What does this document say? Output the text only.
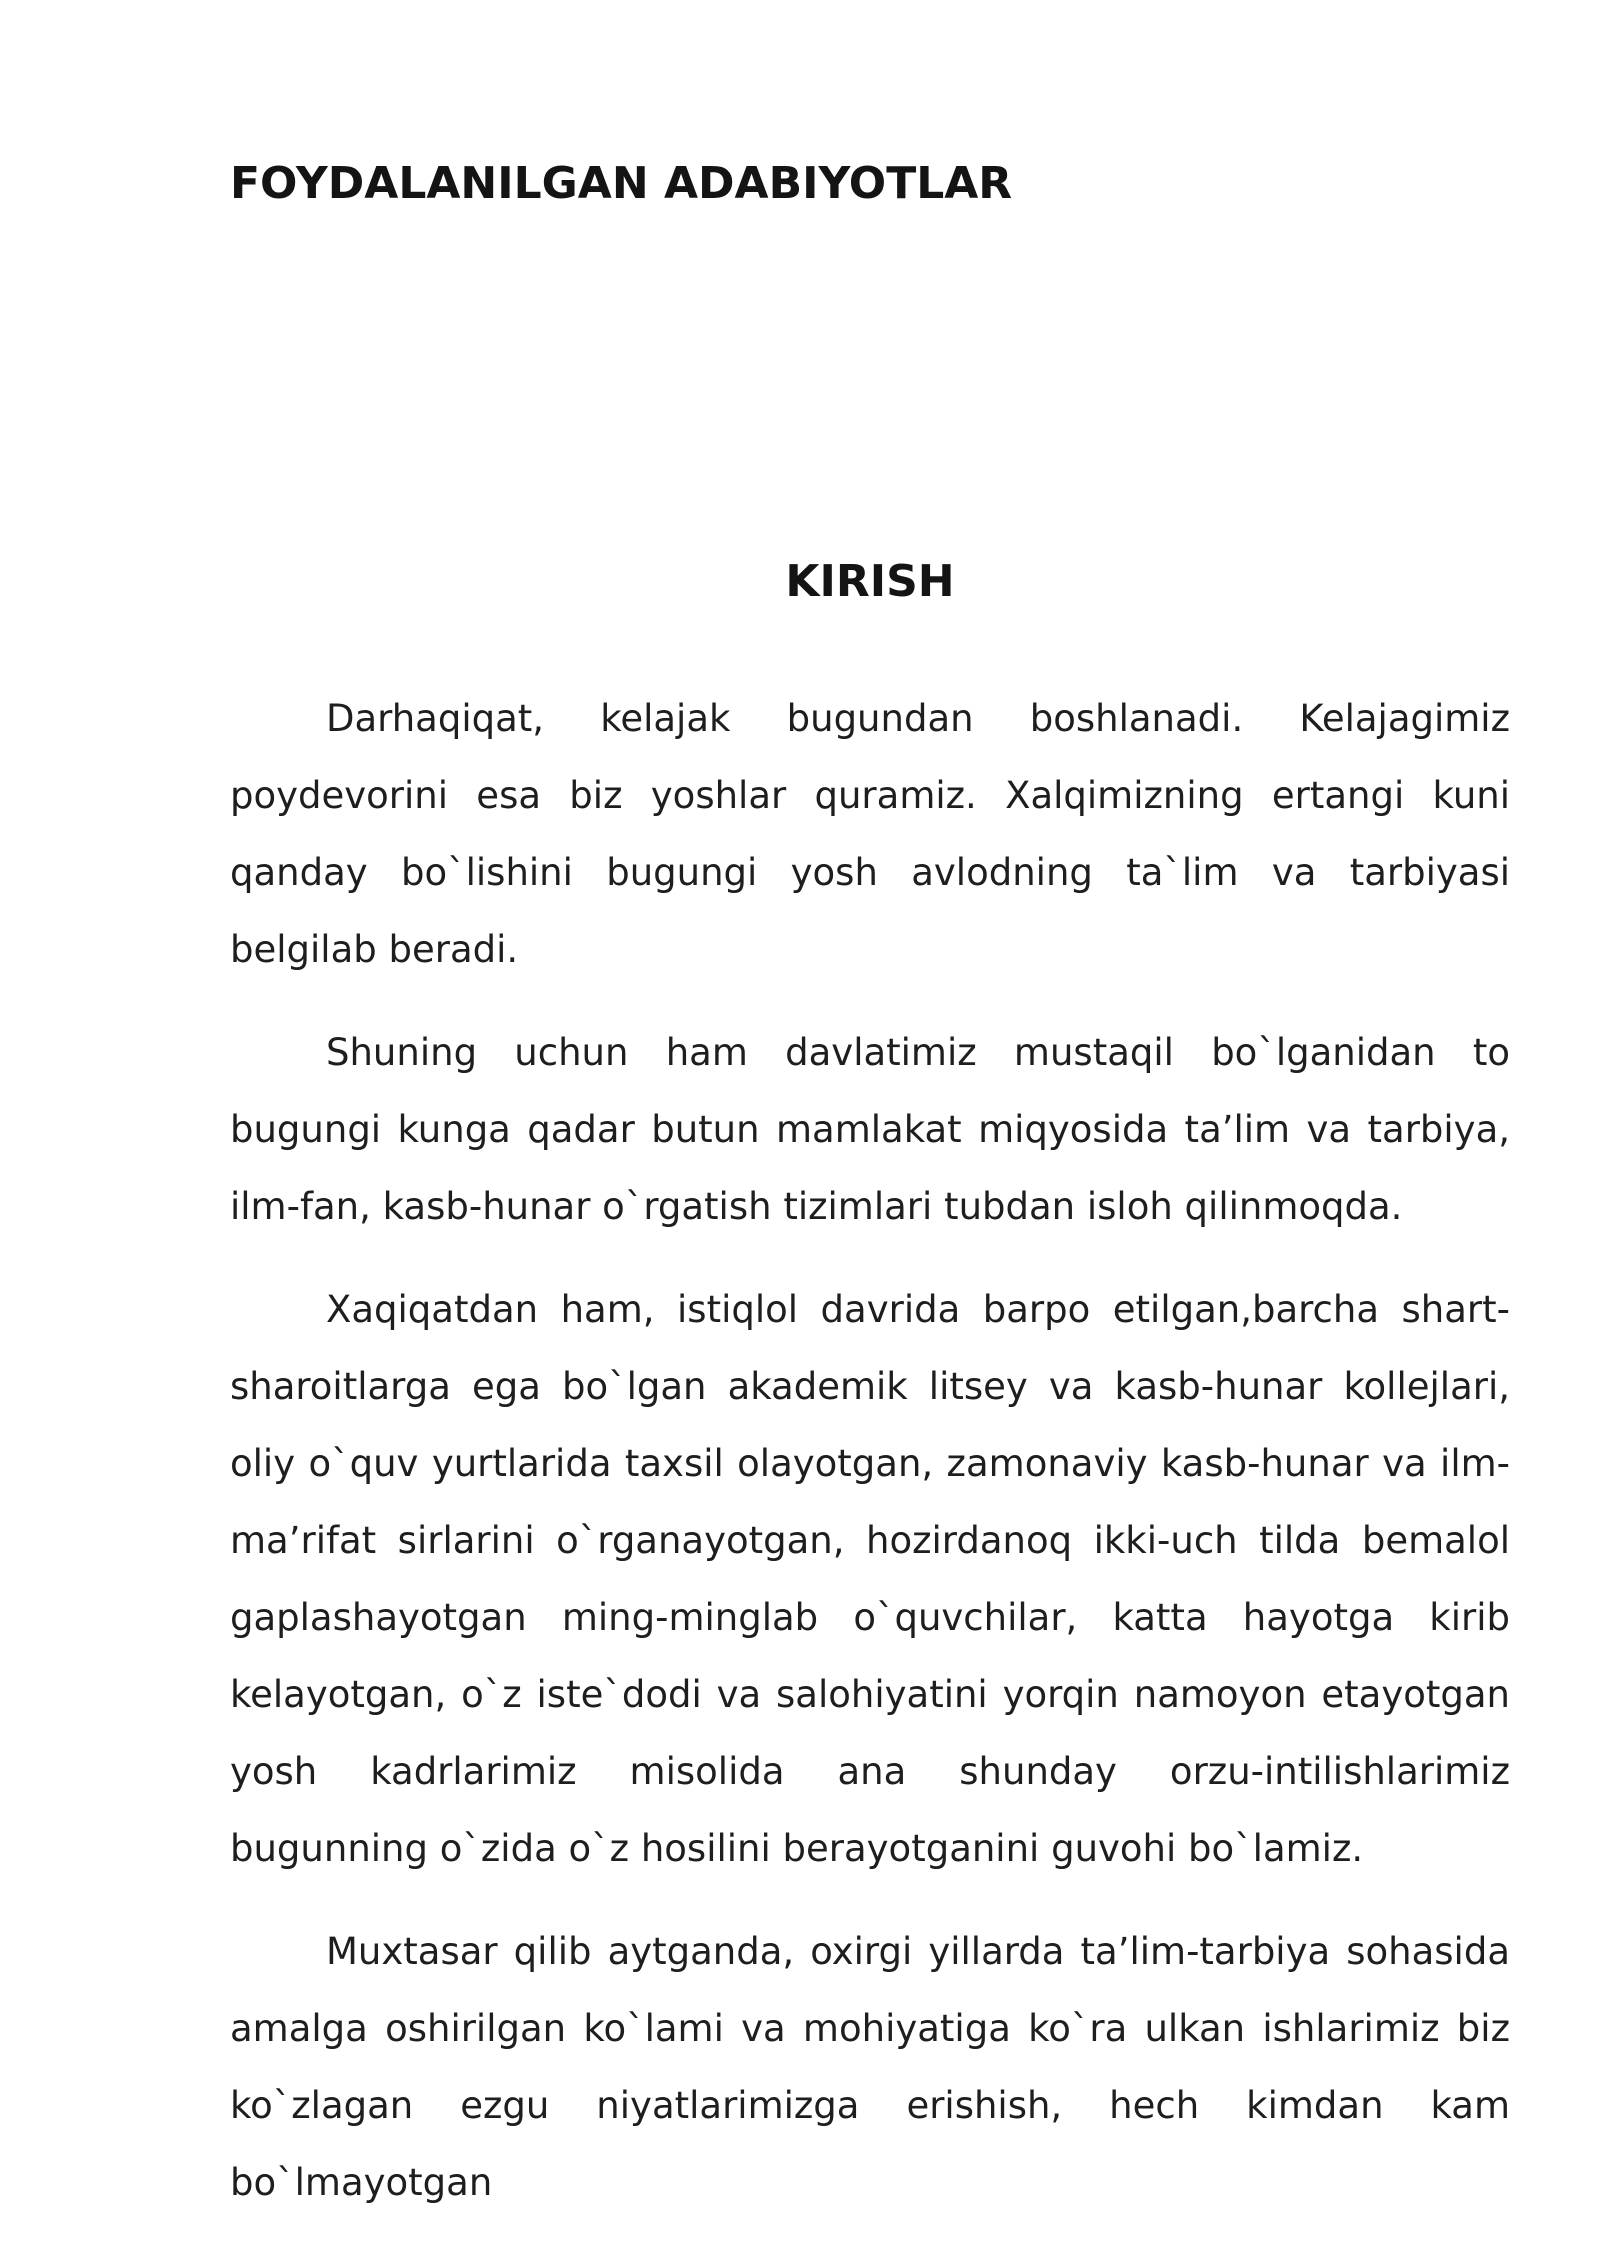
FOYDALANILGAN ADABIYOTLAR
KIRISH

Darhaqiqat, kelajak bugundan boshlanadi. Kelajagimiz poydevorini esa biz yoshlar quramiz. Xalqimizning ertangi kuni qanday bo`lishini bugungi yosh avlodning ta`lim va tarbiyasi belgilab beradi.

Shuning uchun ham davlatimiz mustaqil bo`lganidan to bugungi kunga qadar butun mamlakat miqyosida ta’lim va tarbiya, ilm-fan, kasb-hunar o`rgatish tizimlari tubdan isloh qilinmoqda.

Xaqiqatdan ham, istiqlol davrida barpo etilgan,barcha shart-sharoitlarga ega bo`lgan akademik litsey va kasb-hunar kollejlari, oliy o`quv yurtlarida taxsil olayotgan, zamonaviy kasb-hunar va ilm-ma’rifat sirlarini o`rganayotgan, hozirdanoq ikki-uch tilda bemalol gaplashayotgan ming-minglab o`quvchilar, katta hayotga kirib kelayotgan, o`z iste`dodi va salohiyatini yorqin namoyon etayotgan yosh kadrlarimiz misolida ana shunday orzu-intilishlarimiz bugunning o`zida o`z hosilini berayotganini guvohi bo`lamiz.

Muxtasar qilib aytganda, oxirgi yillarda ta’lim-tarbiya sohasida amalga oshirilgan ko`lami va mohiyatiga ko`ra ulkan ishlarimiz biz ko`zlagan ezgu niyatlarimizga erishish, hech kimdan kam bo`lmayotgan
